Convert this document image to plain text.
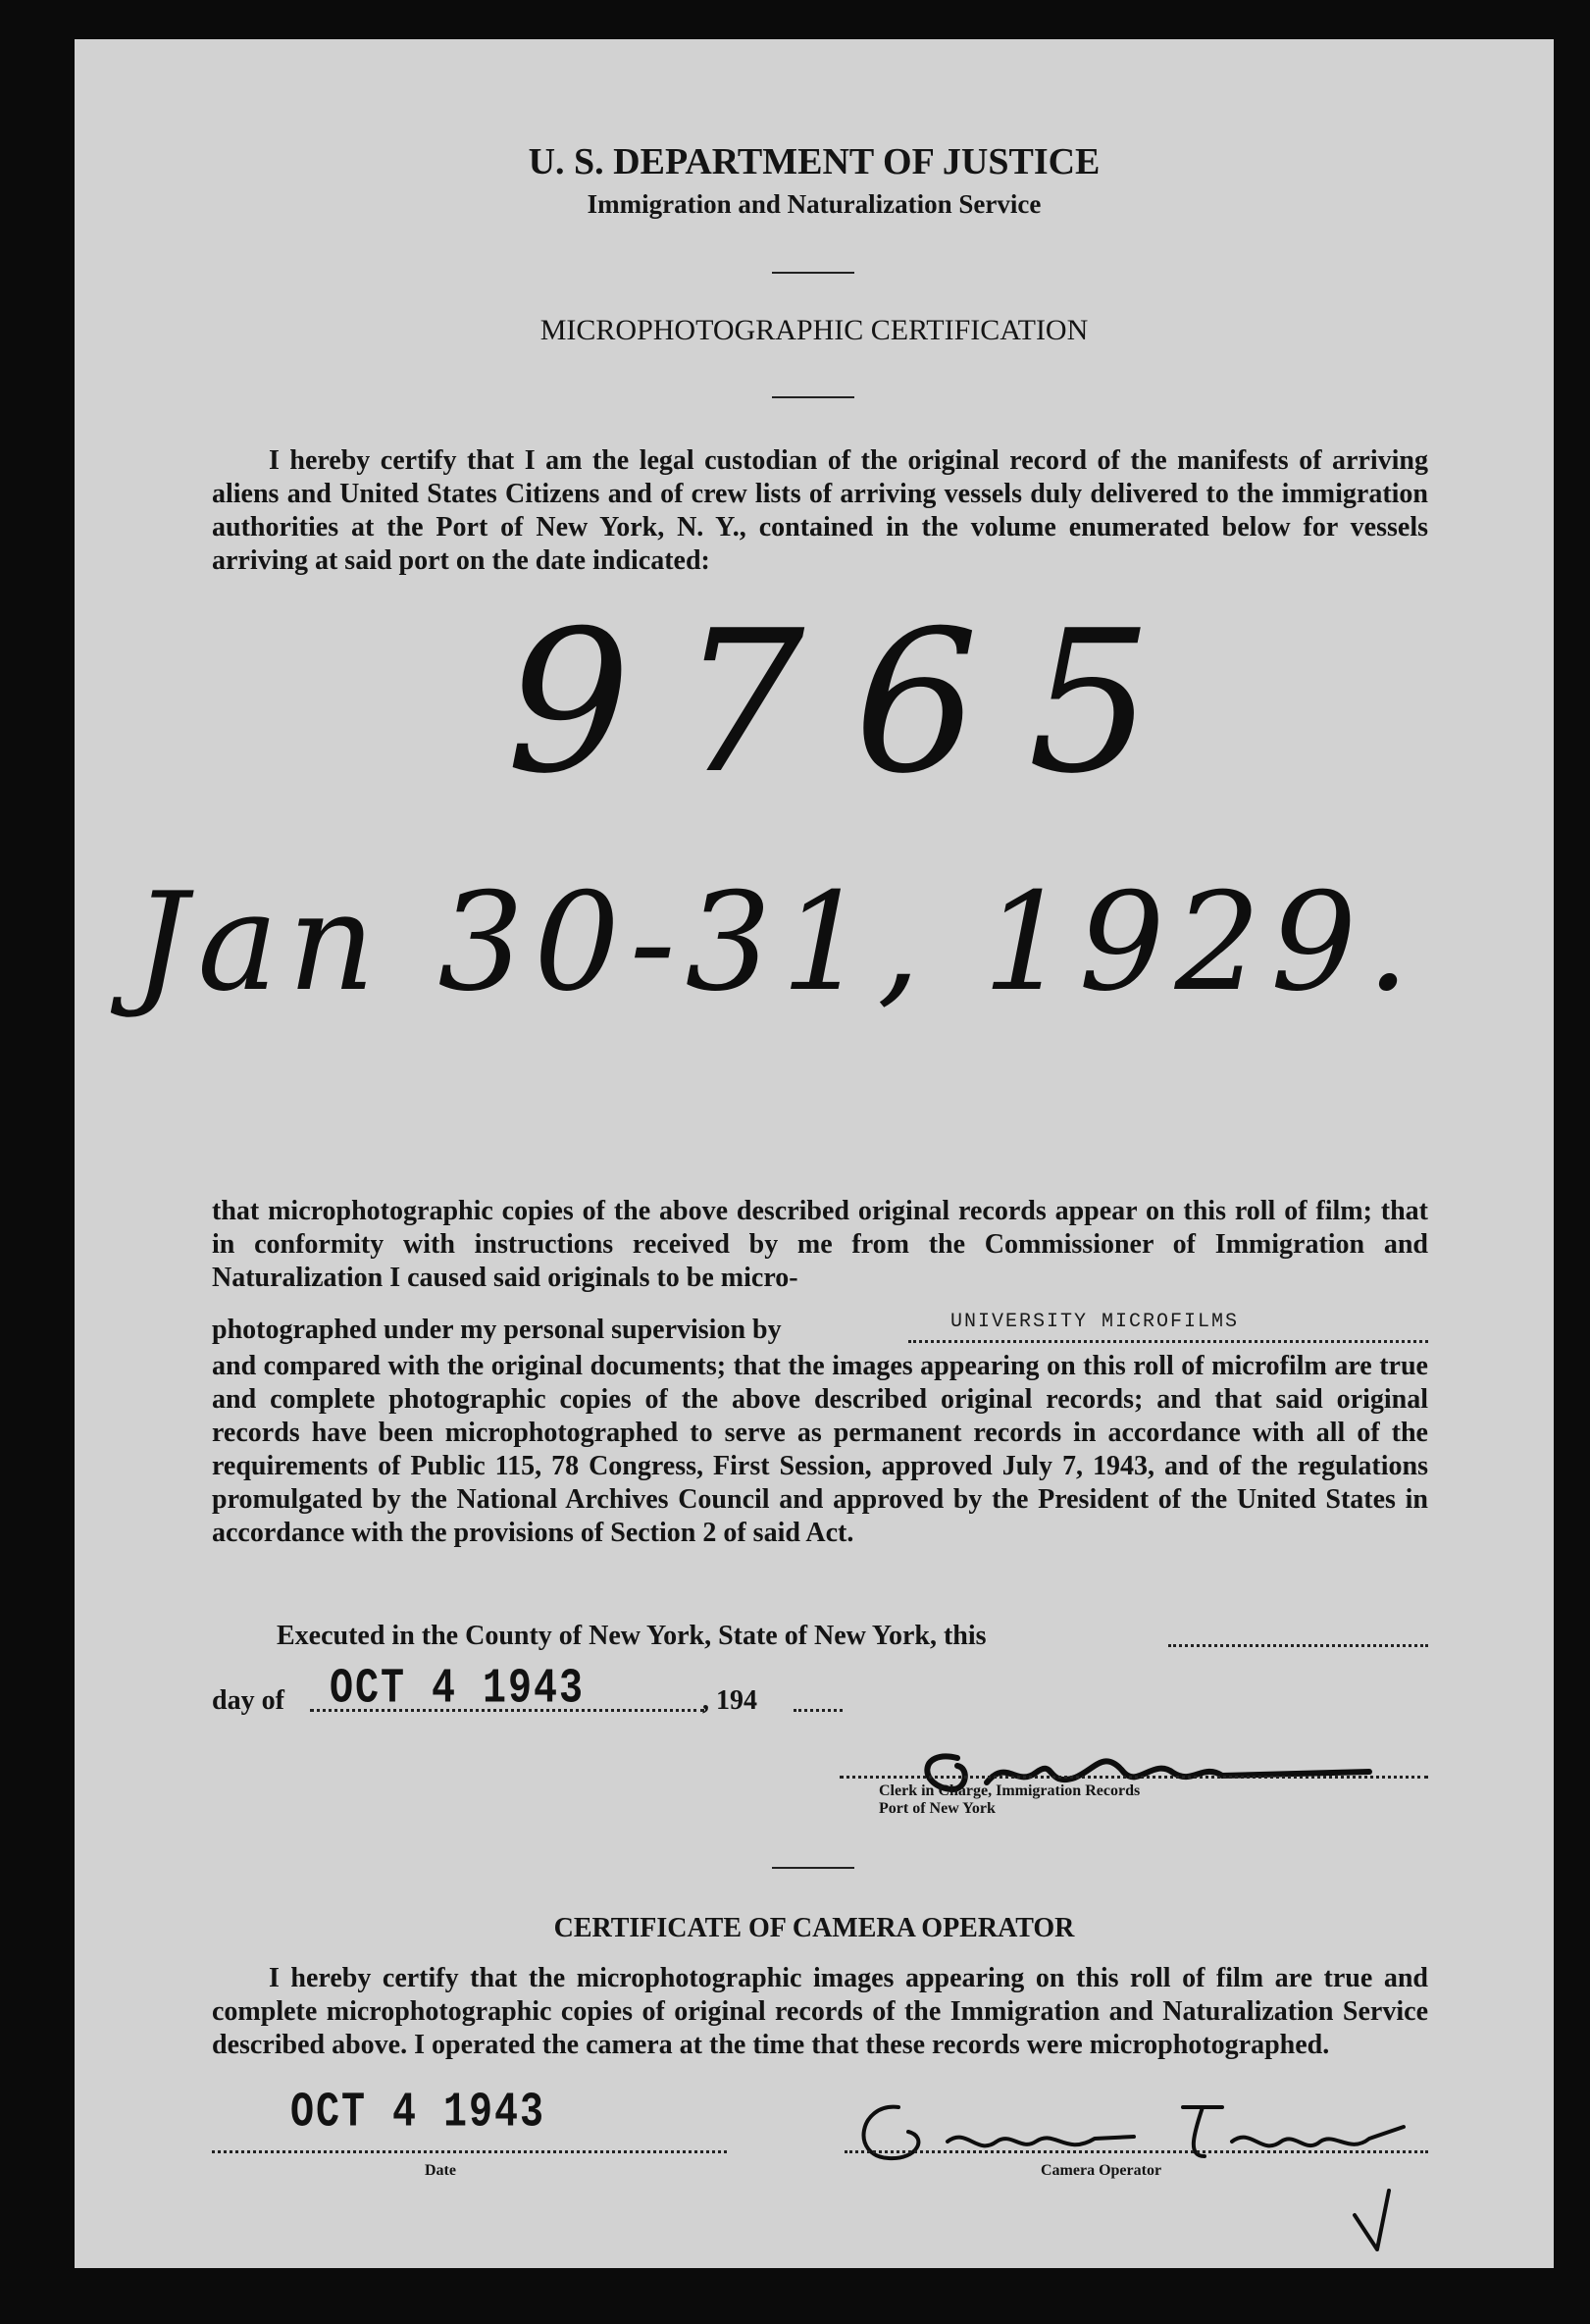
U. S. DEPARTMENT OF JUSTICE
Immigration and Naturalization Service
MICROPHOTOGRAPHIC CERTIFICATION
I hereby certify that I am the legal custodian of the original record of the manifests of arriving aliens and United States Citizens and of crew lists of arriving vessels duly delivered to the immigration authorities at the Port of New York, N. Y., contained in the volume enumerated below for vessels arriving at said port on the date indicated:
9765
Jan 30-31, 1929.
that microphotographic copies of the above described original records appear on this roll of film; that in conformity with instructions received by me from the Commissioner of Immigration and Naturalization I caused said originals to be micro-
photographed under my personal supervision by	UNIVERSITY MICROFILMS
and compared with the original documents; that the images appearing on this roll of microfilm are true and complete photographic copies of the above described original records; and that said original records have been microphotographed to serve as permanent records in accordance with all of the requirements of Public 115, 78 Congress, First Session, approved July 7, 1943, and of the regulations promulgated by the National Archives Council and approved by the President of the United States in accordance with the provisions of Section 2 of said Act.
Executed in the County of New York, State of New York, this
day of OCT 4 1943	, 194
Clerk in Charge, Immigration Records
Port of New York
CERTIFICATE OF CAMERA OPERATOR
I hereby certify that the microphotographic images appearing on this roll of film are true and complete microphotographic copies of original records of the Immigration and Naturalization Service described above. I operated the camera at the time that these records were microphotographed.
OCT 4 1943
Date	Camera Operator
